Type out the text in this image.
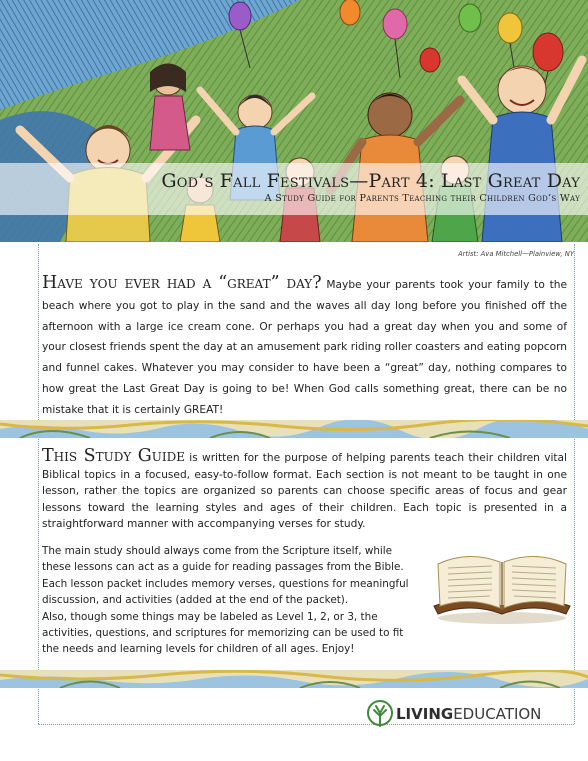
God’s Fall Festivals—Part 4: Last Great Day
A Study Guide for Parents Teaching their Children God’s Way
Artist: Ava Mitchell—Plainview, NY
Have you ever had a “great” day? Maybe your parents took your family to the beach where you got to play in the sand and the waves all day long before you finished off the afternoon with a large ice cream cone. Or perhaps you had a great day when you and some of your closest friends spent the day at an amusement park riding roller coasters and eating popcorn and funnel cakes. Whatever you may consider to have been a “great” day, nothing compares to how great the Last Great Day is going to be! When God calls something great, there can be no mistake that it is certainly GREAT!
This Study Guide is written for the purpose of helping parents teach their children vital Biblical topics in a focused, easy-to-follow format. Each section is not meant to be taught in one lesson, rather the topics are organized so parents can choose specific areas of focus and gear lessons toward the learning styles and ages of their children. Each topic is presented in a straightforward manner with accompanying verses for study.
The main study should always come from the Scripture itself, while these lessons can act as a guide for reading passages from the Bible. Each lesson packet includes memory verses, questions for meaningful discussion, and activities (added at the end of the packet).
Also, though some things may be labeled as Level 1, 2, or 3, the activities, questions, and scriptures for memorizing can be used to fit the needs and learning levels for children of all ages. Enjoy!
LIVINGEDUCATION
